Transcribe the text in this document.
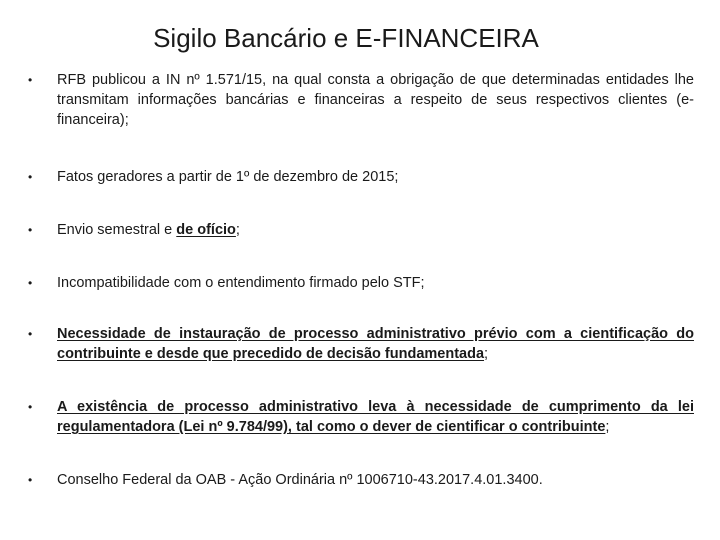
Sigilo Bancário e E-FINANCEIRA
•	RFB publicou a IN nº 1.571/15, na qual consta a obrigação de que determinadas entidades lhe transmitam informações bancárias e financeiras a respeito de seus respectivos clientes (e-financeira);
•	Fatos geradores a partir de 1º de dezembro de 2015;
•	Envio semestral e de ofício;
•	Incompatibilidade com o entendimento firmado pelo STF;
•	Necessidade de instauração de processo administrativo prévio com a cientificação do contribuinte e desde que precedido de decisão fundamentada;
•	A existência de processo administrativo leva à necessidade de cumprimento da lei regulamentadora (Lei nº 9.784/99), tal como o dever de cientificar o contribuinte;
•	Conselho Federal da OAB - Ação Ordinária nº 1006710-43.2017.4.01.3400.
